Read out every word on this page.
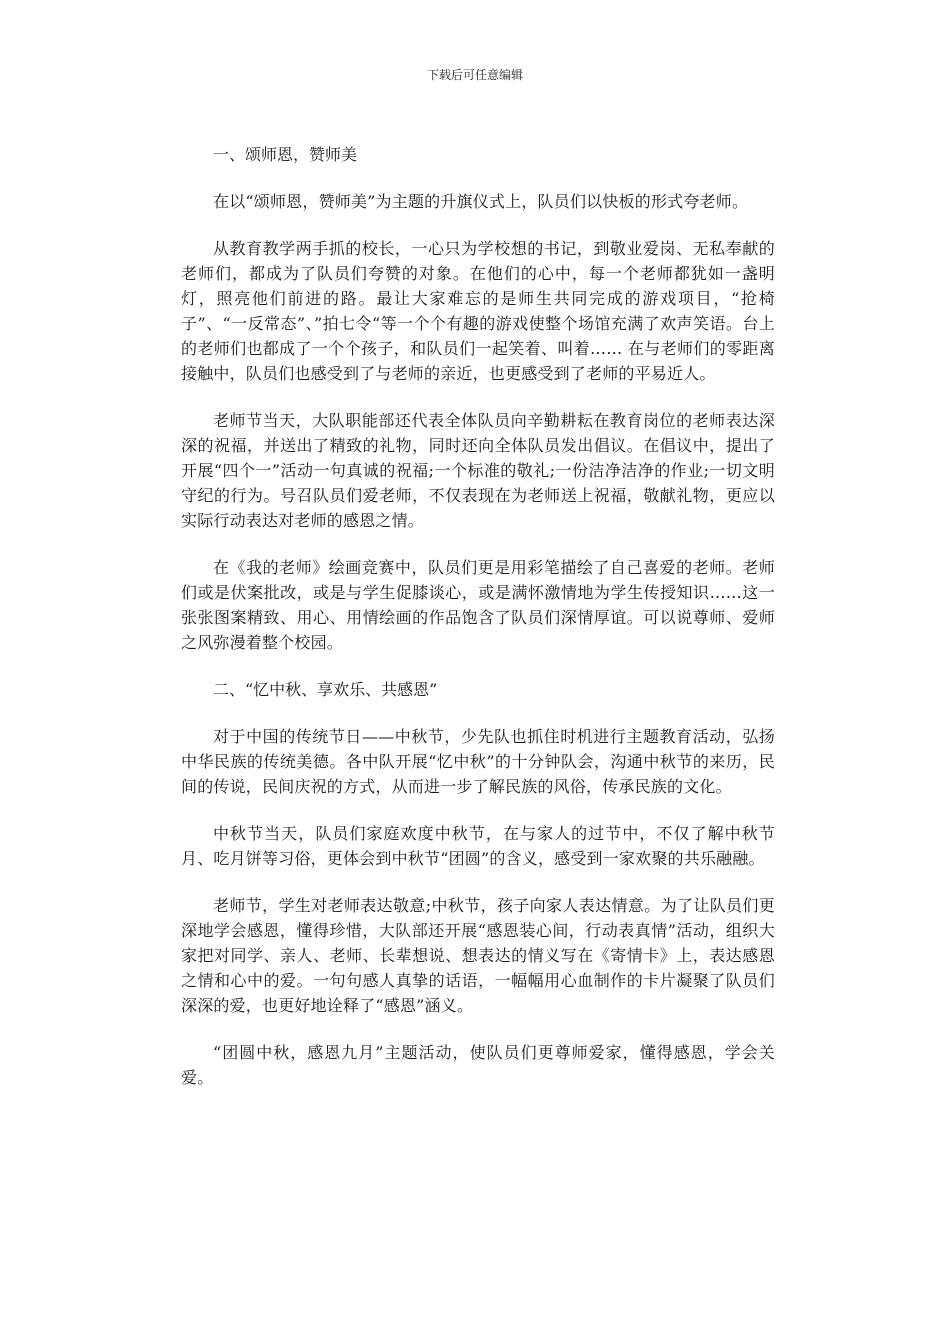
下载后可任意编辑

一、颂师恩，赞师美

在以“颂师恩，赞师美”为主题的升旗仪式上，队员们以快板的形式夸老师。

从教育教学两手抓的校长，一心只为学校想的书记，到敬业爱岗、无私奉献的老师们，都成为了队员们夸赞的对象。在他们的心中，每一个老师都犹如一盏明灯，照亮他们前进的路。最让大家难忘的是师生共同完成的游戏项目，“抢椅子”、“一反常态”、”拍七令“等一个个有趣的游戏使整个场馆充满了欢声笑语。台上的老师们也都成了一个个孩子，和队员们一起笑着、叫着…… 在与老师们的零距离接触中，队员们也感受到了与老师的亲近，也更感受到了老师的平易近人。

老师节当天，大队职能部还代表全体队员向辛勤耕耘在教育岗位的老师表达深深的祝福，并送出了精致的礼物，同时还向全体队员发出倡议。在倡议中，提出了开展“四个一”活动一句真诚的祝福;一个标准的敬礼;一份洁净洁净的作业;一切文明守纪的行为。号召队员们爱老师，不仅表现在为老师送上祝福，敬献礼物，更应以实际行动表达对老师的感恩之情。

在《我的老师》绘画竞赛中，队员们更是用彩笔描绘了自己喜爱的老师。老师们或是伏案批改，或是与学生促膝谈心，或是满怀激情地为学生传授知识……这一张张图案精致、用心、用情绘画的作品饱含了队员们深情厚谊。可以说尊师、爱师之风弥漫着整个校园。

二、“忆中秋、享欢乐、共感恩”

对于中国的传统节日——中秋节，少先队也抓住时机进行主题教育活动，弘扬中华民族的传统美德。各中队开展“忆中秋”的十分钟队会，沟通中秋节的来历，民间的传说，民间庆祝的方式，从而进一步了解民族的风俗，传承民族的文化。

中秋节当天，队员们家庭欢度中秋节，在与家人的过节中，不仅了解中秋节月、吃月饼等习俗，更体会到中秋节“团圆”的含义，感受到一家欢聚的共乐融融。

老师节，学生对老师表达敬意;中秋节，孩子向家人表达情意。为了让队员们更深地学会感恩，懂得珍惜，大队部还开展“感恩装心间，行动表真情”活动，组织大家把对同学、亲人、老师、长辈想说、想表达的情义写在《寄情卡》上，表达感恩之情和心中的爱。一句句感人真挚的话语，一幅幅用心血制作的卡片凝聚了队员们深深的爱，也更好地诠释了“感恩”涵义。

“团圆中秋，感恩九月”主题活动，使队员们更尊师爱家，懂得感恩，学会关爱。
